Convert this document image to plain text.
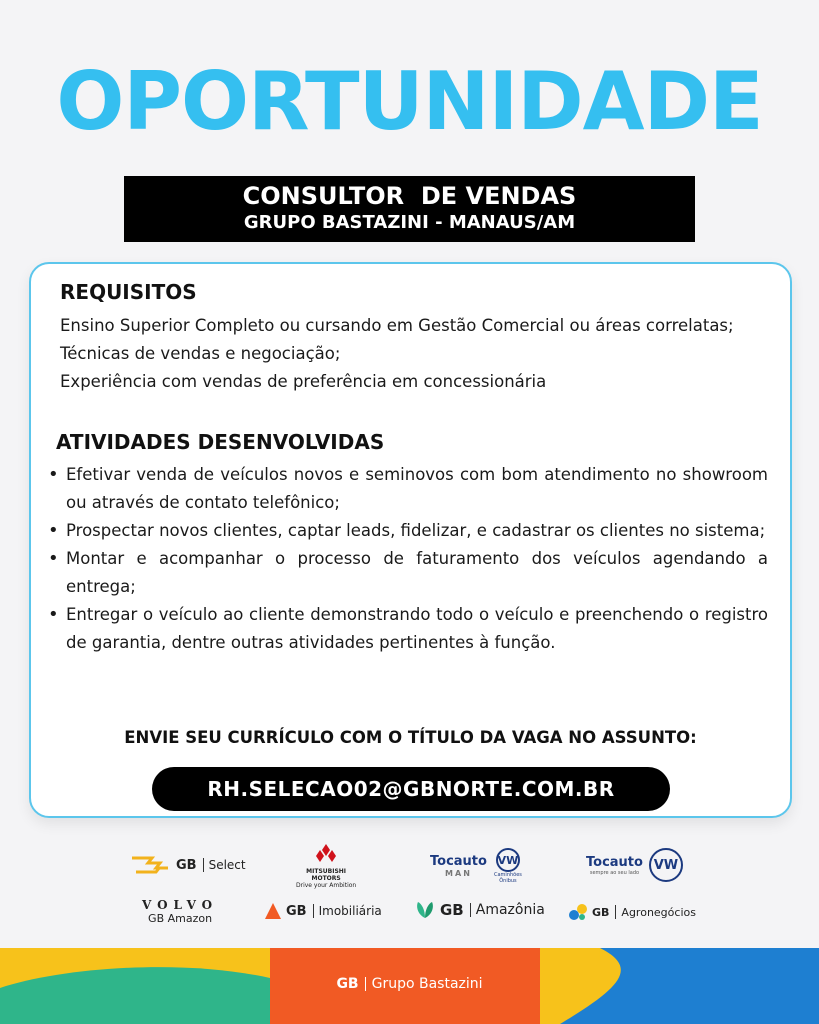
OPORTUNIDADE
CONSULTOR  DE VENDAS
GRUPO BASTAZINI - MANAUS/AM
REQUISITOS
Ensino Superior Completo ou cursando em Gestão Comercial ou áreas correlatas;
Técnicas de vendas e negociação;
Experiência com vendas de preferência em concessionária
ATIVIDADES DESENVOLVIDAS
• Efetivar venda de veículos novos e seminovos com bom atendimento no showroom ou através de contato telefônico;
• Prospectar novos clientes, captar leads, fidelizar, e cadastrar os clientes no sistema;
• Montar e acompanhar o processo de faturamento dos veículos agendando a entrega;
• Entregar o veículo ao cliente demonstrando todo o veículo e preenchendo o registro de garantia, dentre outras atividades pertinentes à função.
ENVIE SEU CURRÍCULO COM O TÍTULO DA VAGA NO ASSUNTO:
RH.SELECAO02@GBNORTE.COM.BR
GB Select	MITSUBISHI
MOTORS
Drive your Ambition
Tocauto
MAN
VW
Caminhões Ônibus
Tocauto
sempre ao seu lado	VW
VOLVO
GB Amazon	GB Imobiliária	GB Amazônia	GB Agronegócios
GB Grupo Bastazini
